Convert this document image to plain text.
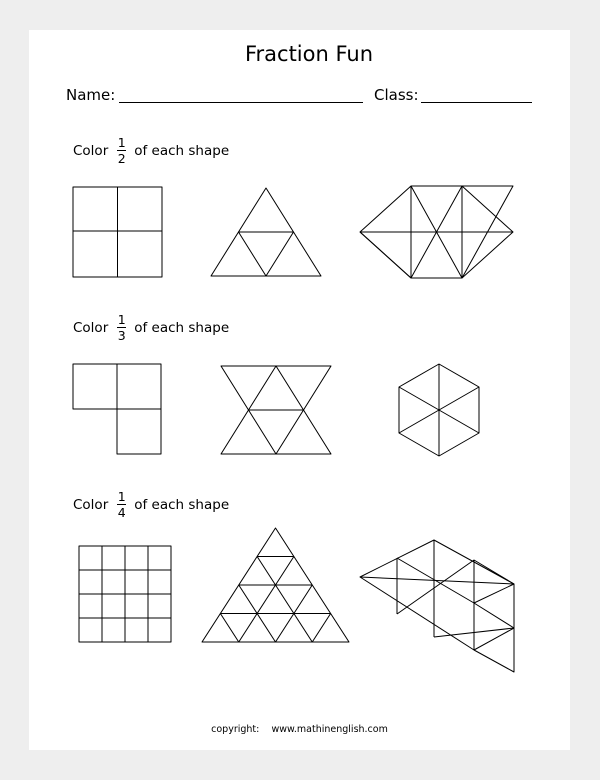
Fraction Fun
Name:	Class:
Color $\frac{1}{2}$ of each shape
Color $\frac{1}{3}$ of each shape
Color $\frac{1}{4}$ of each shape
copyright: www.mathinenglish.com
